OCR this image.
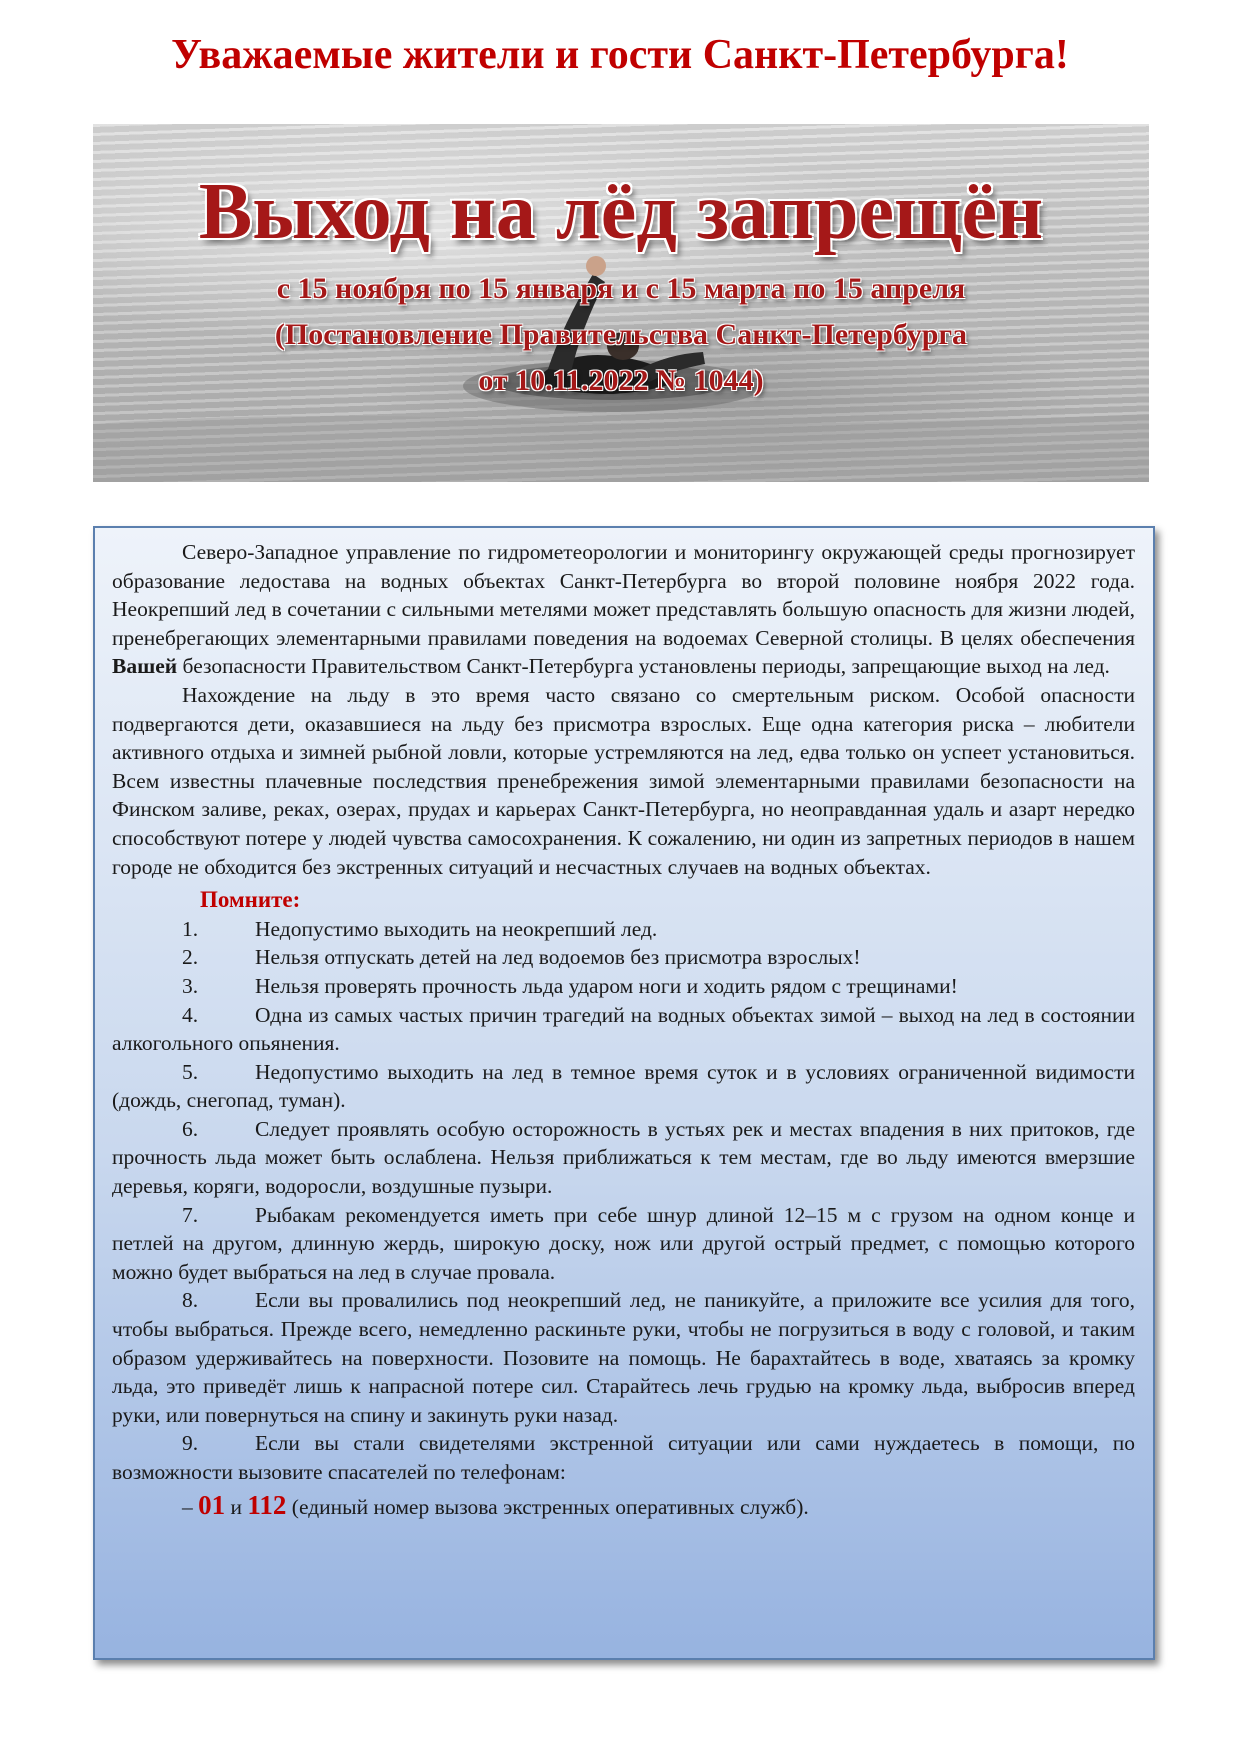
Уважаемые жители и гости Санкт-Петербурга!
Выход на лёд запрещён
с 15 ноября по 15 января и с 15 марта по 15 апреля
(Постановление Правительства Санкт-Петербурга
от 10.11.2022 № 1044)

Северо-Западное управление по гидрометеорологии и мониторингу окружающей среды прогнозирует образование ледостава на водных объектах Санкт-Петербурга во второй половине ноября 2022 года. Неокрепший лед в сочетании с сильными метелями может представлять большую опасность для жизни людей, пренебрегающих элементарными правилами поведения на водоемах Северной столицы. В целях обеспечения Вашей безопасности Правительством Санкт-Петербурга установлены периоды, запрещающие выход на лед.

Нахождение на льду в это время часто связано со смертельным риском. Особой опасности подвергаются дети, оказавшиеся на льду без присмотра взрослых. Еще одна категория риска – любители активного отдыха и зимней рыбной ловли, которые устремляются на лед, едва только он успеет установиться. Всем известны плачевные последствия пренебрежения зимой элементарными правилами безопасности на Финском заливе, реках, озерах, прудах и карьерах Санкт-Петербурга, но неоправданная удаль и азарт нередко способствуют потере у людей чувства самосохранения. К сожалению, ни один из запретных периодов в нашем городе не обходится без экстренных ситуаций и несчастных случаев на водных объектах.

Помните:
1.	Недопустимо выходить на неокрепший лед.
2.	Нельзя отпускать детей на лед водоемов без присмотра взрослых!
3.	Нельзя проверять прочность льда ударом ноги и ходить рядом с трещинами!
4.	Одна из самых частых причин трагедий на водных объектах зимой – выход на лед в состоянии алкогольного опьянения.
5.	Недопустимо выходить на лед в темное время суток и в условиях ограниченной видимости (дождь, снегопад, туман).
6.	Следует проявлять особую осторожность в устьях рек и местах впадения в них притоков, где прочность льда может быть ослаблена. Нельзя приближаться к тем местам, где во льду имеются вмерзшие деревья, коряги, водоросли, воздушные пузыри.
7.	Рыбакам рекомендуется иметь при себе шнур длиной 12–15 м с грузом на одном конце и петлей на другом, длинную жердь, широкую доску, нож или другой острый предмет, с помощью которого можно будет выбраться на лед в случае провала.
8.	Если вы провалились под неокрепший лед, не паникуйте, а приложите все усилия для того, чтобы выбраться. Прежде всего, немедленно раскиньте руки, чтобы не погрузиться в воду с головой, и таким образом удерживайтесь на поверхности. Позовите на помощь. Не барахтайтесь в воде, хватаясь за кромку льда, это приведёт лишь к напрасной потере сил. Старайтесь лечь грудью на кромку льда, выбросив вперед руки, или повернуться на спину и закинуть руки назад.
9.	Если вы стали свидетелями экстренной ситуации или сами нуждаетесь в помощи, по возможности вызовите спасателей по телефонам:
– 01 и 112 (единый номер вызова экстренных оперативных служб).
